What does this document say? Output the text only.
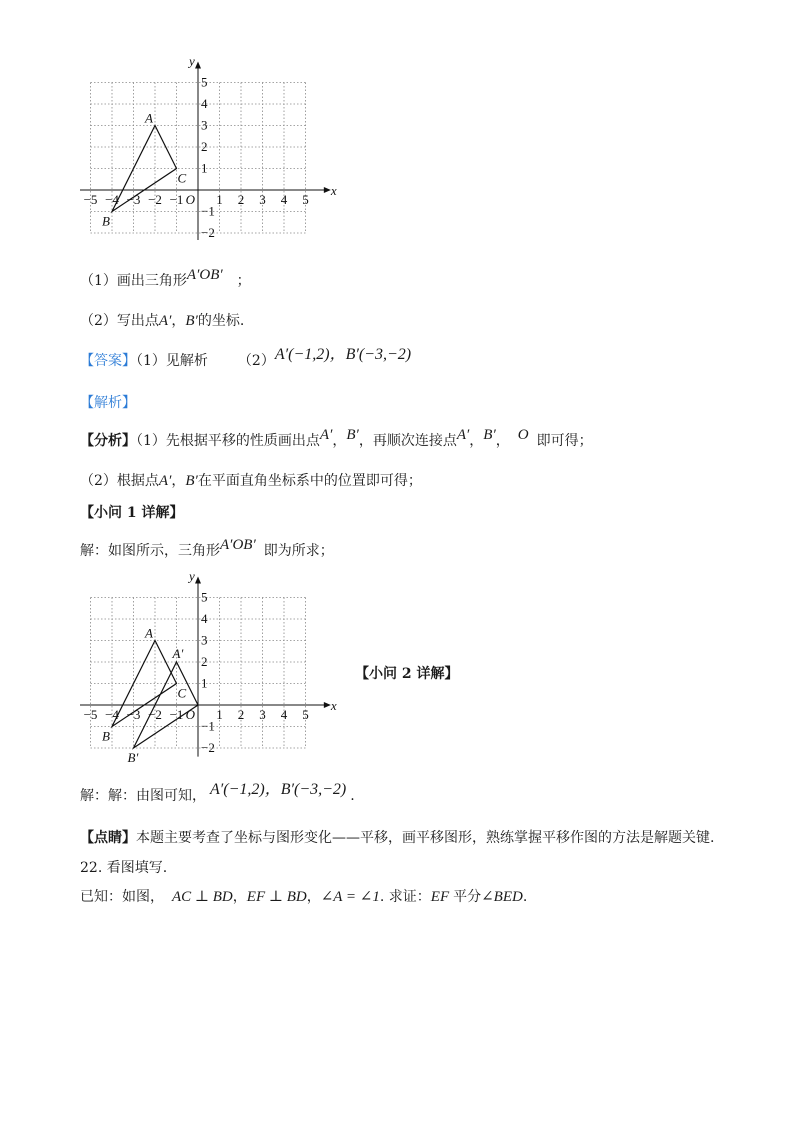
x
y
O
−5 −4 −3 −2 −1	1 2 3 4 5
5
4
3
2
1
−1
−2
A
B
C
（1）画出三角形A′OB′ ；
（2）写出点A′，B′的坐标.
【答案】（1）见解析 （2）A′(−1,2)，B′(−3,−2)
【解析】
【分析】（1）先根据平移的性质画出点A′，B′，再顺次连接点A′，B′， O 即可得；
（2）根据点A′，B′在平面直角坐标系中的位置即可得；
【小问 1 详解】
解：如图所示，三角形A′OB′ 即为所求；
x
y
O
−5 −4 −3 −2 −1	1 2 3 4 5
5
4
3
2
1
−1
−2
A
B
C
A′
B′
【小问 2 详解】
解：解：由图可知， A′(−1,2)，B′(−3,−2) .
【点睛】本题主要考查了坐标与图形变化——平移，画平移图形，熟练掌握平移作图的方法是解题关键.
22. 看图填写.
已知：如图， AC ⊥ BD，EF ⊥ BD，∠A = ∠1. 求证：EF 平分∠BED.
